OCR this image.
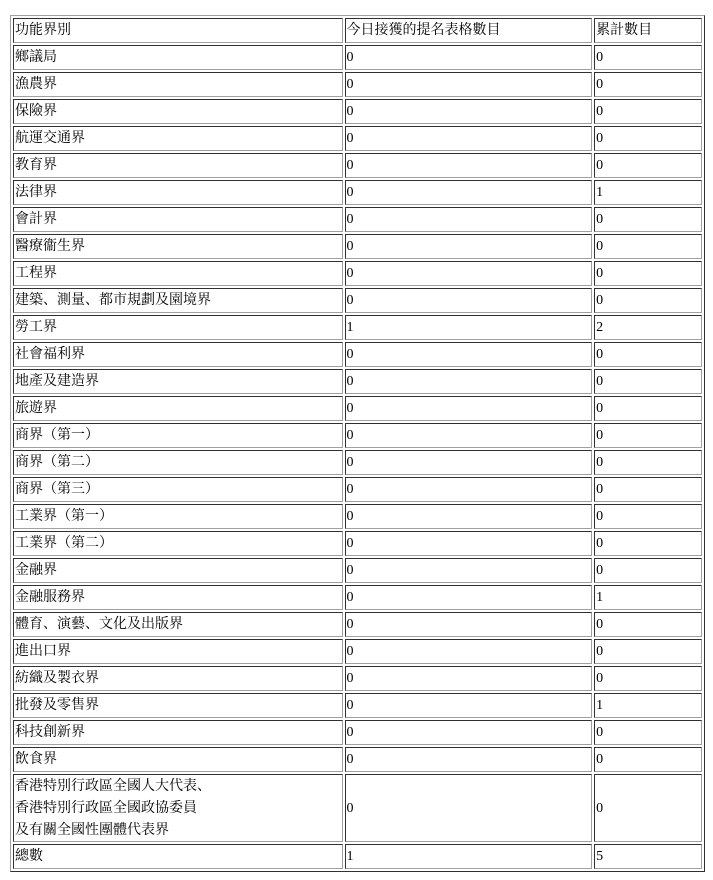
功能界別	今日接獲的提名表格數目	累計數目
鄉議局	0	0
漁農界	0	0
保險界	0	0
航運交通界	0	0
教育界	0	0
法律界	0	1
會計界	0	0
醫療衞生界	0	0
工程界	0	0
建築、測量、都市規劃及園境界	0	0
勞工界	1	2
社會福利界	0	0
地產及建造界	0	0
旅遊界	0	0
商界（第一）	0	0
商界（第二）	0	0
商界（第三）	0	0
工業界（第一）	0	0
工業界（第二）	0	0
金融界	0	0
金融服務界	0	1
體育、演藝、文化及出版界	0	0
進出口界	0	0
紡織及製衣界	0	0
批發及零售界	0	1
科技創新界	0	0
飲食界	0	0

香港特別行政區全國人大代表、
香港特別行政區全國政協委員
及有關全國性團體代表界	0	0
總數	1	5
